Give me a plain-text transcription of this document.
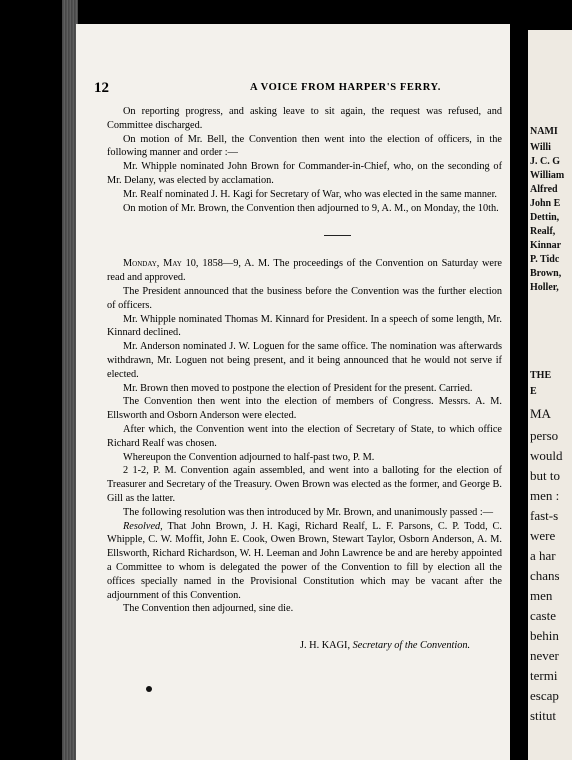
12	A VOICE FROM HARPER'S FERRY.

On reporting progress, and asking leave to sit again, the request was refused, and Committee discharged.

On motion of Mr. Bell, the Convention then went into the election of officers, in the following manner and order :—

Mr. Whipple nominated John Brown for Commander-in-Chief, who, on the seconding of Mr. Delany, was elected by acclamation.

Mr. Realf nominated J. H. Kagi for Secretary of War, who was elected in the same manner.

On motion of Mr. Brown, the Convention then adjourned to 9, A. M., on Monday, the 10th.

Monday, May 10, 1858—9, A. M. The proceedings of the Convention on Saturday were read and approved.

The President announced that the business before the Convention was the further election of officers.

Mr. Whipple nominated Thomas M. Kinnard for President. In a speech of some length, Mr. Kinnard declined.

Mr. Anderson nominated J. W. Loguen for the same office. The nomination was afterwards withdrawn, Mr. Loguen not being present, and it being announced that he would not serve if elected.

Mr. Brown then moved to postpone the election of President for the present. Carried.

The Convention then went into the election of members of Congress. Messrs. A. M. Ellsworth and Osborn Anderson were elected.

After which, the Convention went into the election of Secretary of State, to which office Richard Realf was chosen.

Whereupon the Convention adjourned to half-past two, P. M.

2 1-2, P. M. Convention again assembled, and went into a balloting for the election of Treasurer and Secretary of the Treasury. Owen Brown was elected as the former, and George B. Gill as the latter.

The following resolution was then introduced by Mr. Brown, and unanimously passed :—

Resolved, That John Brown, J. H. Kagi, Richard Realf, L. F. Parsons, C. P. Todd, C. Whipple, C. W. Moffit, John E. Cook, Owen Brown, Stewart Taylor, Osborn Anderson, A. M. Ellsworth, Richard Richardson, W. H. Leeman and John Lawrence be and are hereby appointed a Committee to whom is delegated the power of the Convention to fill by election all the offices specially named in the Provisional Constitution which may be vacant after the adjournment of this Convention.

The Convention then adjourned, sine die.

J. H. KAGI, Secretary of the Convention.
NAMI
Willi
J. C. G
William
Alfred
John E
Dettin,
Realf,
Kinnar
P. Tidc
Brown,
Holler,
THE
E
MA
perso
would
but to
men :
fast-s
were
a har
chans
men
caste
behin
never
termi
escap
stitut
